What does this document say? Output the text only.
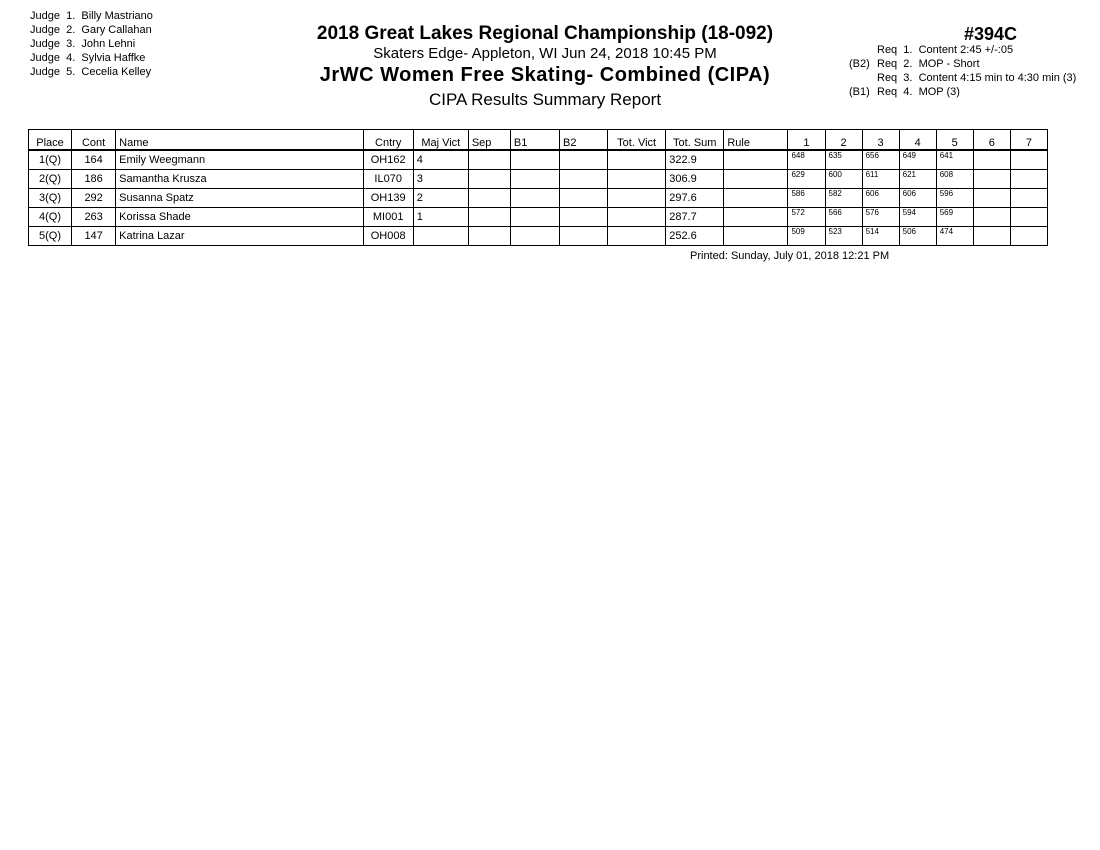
Judge  1. Billy Mastriano
Judge  2. Gary Callahan
Judge  3. John Lehni
Judge  4. Sylvia Haffke
Judge  5. Cecelia Kelley
2018 Great Lakes Regional Championship (18-092)
Skaters Edge- Appleton, WI Jun 24, 2018 10:45 PM
JrWC Women Free Skating- Combined (CIPA)
CIPA Results Summary Report
#394C
Req  1.  Content 2:45 +/-:05
(B2) Req  2.  MOP - Short
Req  3.  Content 4:15 min to 4:30 min (3)
(B1) Req  4.  MOP (3)
Place	Cont	Name	Cntry	Maj Vict	Sep	B1	B2	Tot. Vict	Tot. Sum	Rule	1	2	3	4	5	6	7
1(Q)	164	Emily Weegmann	OH162	4					322.9		648	635	656	649	641		
2(Q)	186	Samantha Krusza	IL070	3					306.9		629	600	611	621	608		
3(Q)	292	Susanna Spatz	OH139	2					297.6		586	582	606	606	596		
4(Q)	263	Korissa Shade	MI001	1					287.7		572	566	576	594	569		
5(Q)	147	Katrina Lazar	OH008						252.6		509	523	514	506	474		
Printed: Sunday, July 01, 2018 12:21 PM
